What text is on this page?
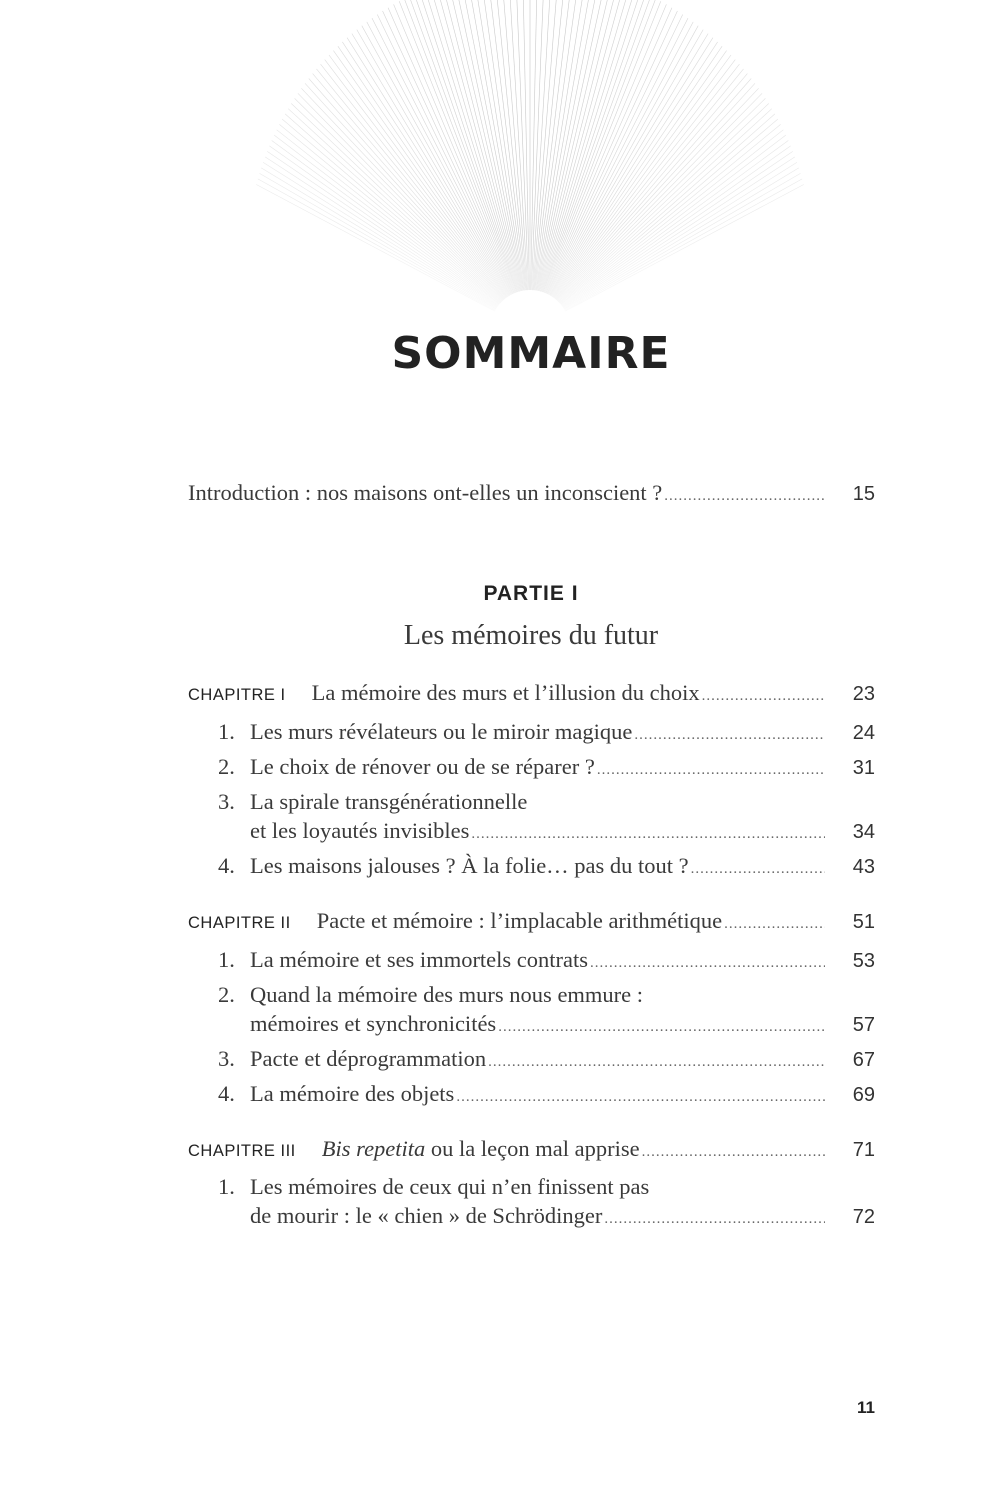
SOMMAIRE
Introduction : nos maisons ont-elles un inconscient ? .....	15
PARTIE I
Les mémoires du futur
CHAPITRE I La mémoire des murs et l’illusion du choix .....	23
1. Les murs révélateurs ou le miroir magique .....	24
2. Le choix de rénover ou de se réparer ? .....	31
3. La spirale transgénérationnelle
et les loyautés invisibles .....	34
4. Les maisons jalouses ? À la folie… pas du tout ? .....	43
CHAPITRE II Pacte et mémoire : l’implacable arithmétique .....	51
1. La mémoire et ses immortels contrats .....	53
2. Quand la mémoire des murs nous emmure :
mémoires et synchronicités .....	57
3. Pacte et déprogrammation .....	67
4. La mémoire des objets .....	69
CHAPITRE III Bis repetita ou la leçon mal apprise .....	71
1. Les mémoires de ceux qui n’en finissent pas
de mourir : le « chien » de Schrödinger .....	72
11
